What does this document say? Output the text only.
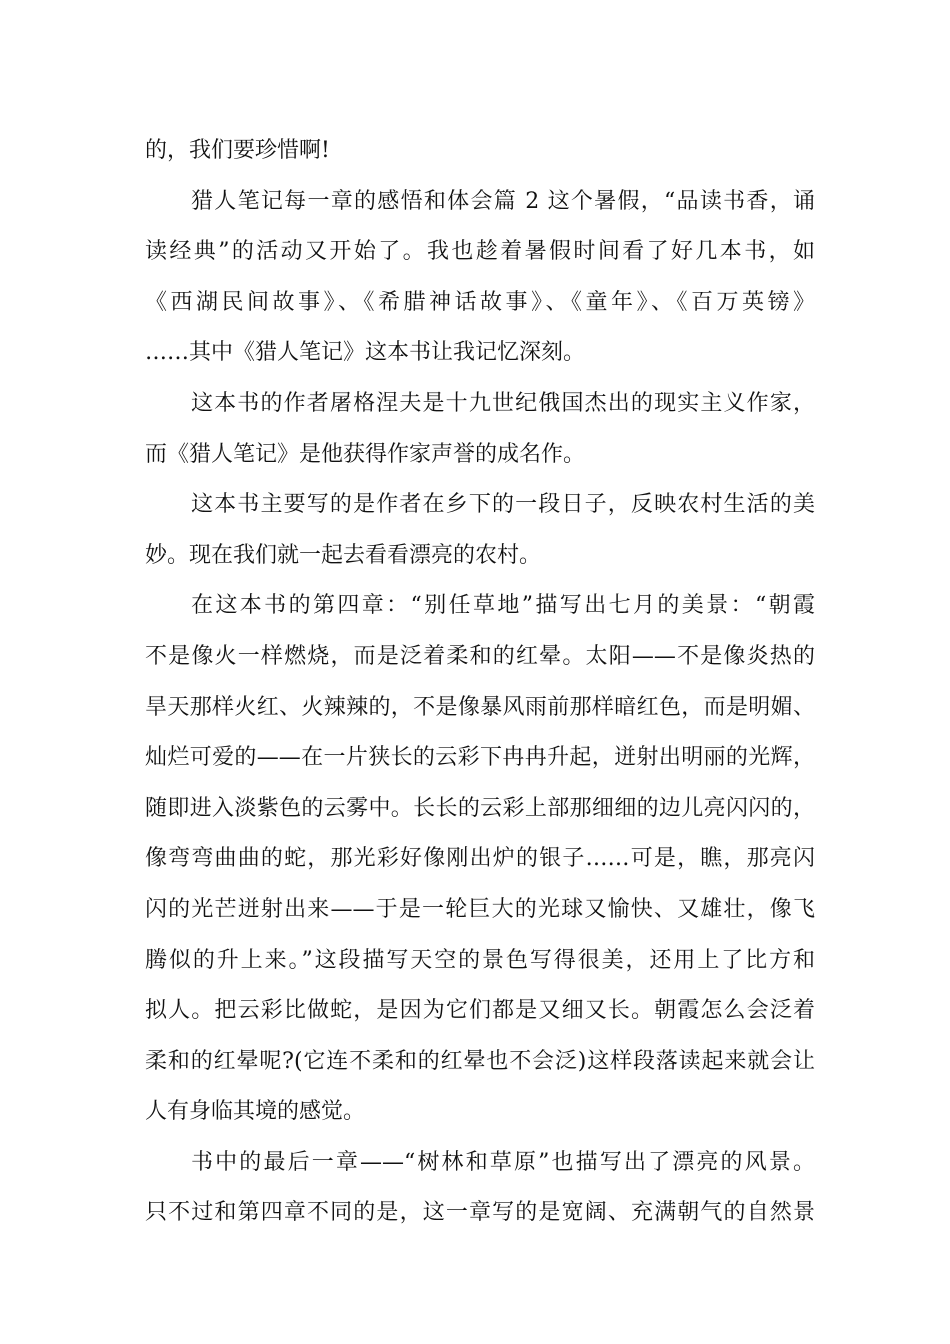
的，我们要珍惜啊!
猎人笔记每一章的感悟和体会篇 2 这个暑假，“品读书香，诵
读经典”的活动又开始了。我也趁着暑假时间看了好几本书，如
《西湖民间故事》、《希腊神话故事》、《童年》、《百万英镑》
……其中《猎人笔记》这本书让我记忆深刻。
这本书的作者屠格涅夫是十九世纪俄国杰出的现实主义作家，
而《猎人笔记》是他获得作家声誉的成名作。
这本书主要写的是作者在乡下的一段日子，反映农村生活的美
妙。现在我们就一起去看看漂亮的农村。
在这本书的第四章：“别任草地”描写出七月的美景：“朝霞
不是像火一样燃烧，而是泛着柔和的红晕。太阳——不是像炎热的
旱天那样火红、火辣辣的，不是像暴风雨前那样暗红色，而是明媚、
灿烂可爱的——在一片狭长的云彩下冉冉升起，迸射出明丽的光辉，
随即进入淡紫色的云雾中。长长的云彩上部那细细的边儿亮闪闪的，
像弯弯曲曲的蛇，那光彩好像刚出炉的银子……可是，瞧，那亮闪
闪的光芒迸射出来——于是一轮巨大的光球又愉快、又雄壮，像飞
腾似的升上来。”这段描写天空的景色写得很美，还用上了比方和
拟人。把云彩比做蛇，是因为它们都是又细又长。朝霞怎么会泛着
柔和的红晕呢?(它连不柔和的红晕也不会泛)这样段落读起来就会让
人有身临其境的感觉。
书中的最后一章——“树林和草原”也描写出了漂亮的风景。
只不过和第四章不同的是，这一章写的是宽阔、充满朝气的自然景
